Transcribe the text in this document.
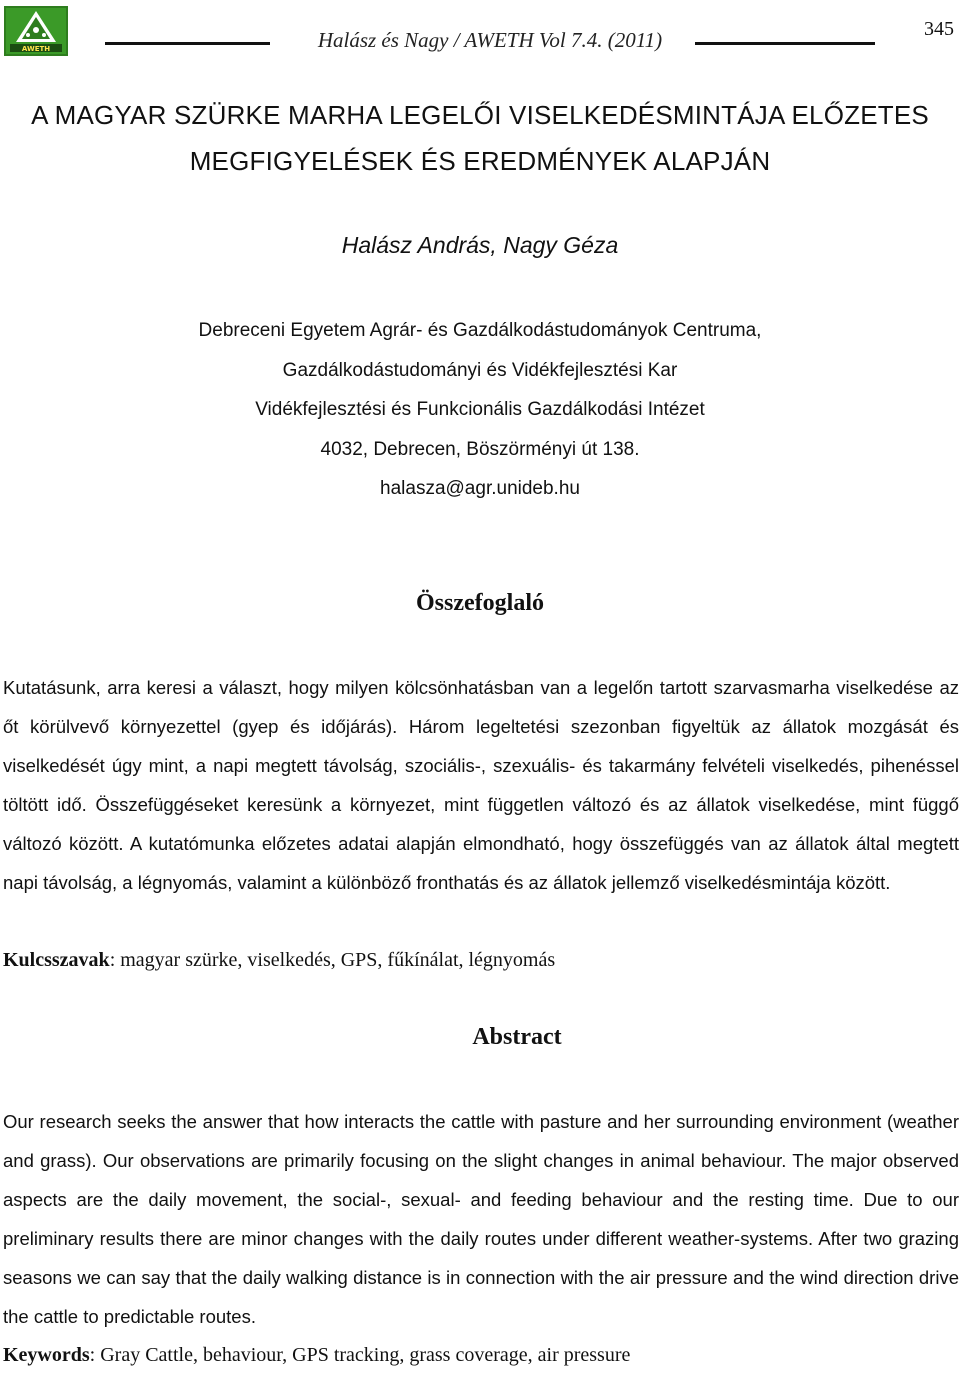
AWETH	Halász és Nagy / AWETH Vol 7.4. (2011)	345
A MAGYAR SZÜRKE MARHA LEGELŐI VISELKEDÉSMINTÁJA ELŐZETES
MEGFIGYELÉSEK ÉS EREDMÉNYEK ALAPJÁN
Halász András, Nagy Géza
Debreceni Egyetem Agrár- és Gazdálkodástudományok Centruma,
Gazdálkodástudományi és Vidékfejlesztési Kar
Vidékfejlesztési és Funkcionális Gazdálkodási Intézet
4032, Debrecen, Böszörményi út 138.
halasza@agr.unideb.hu
Összefoglaló

Kutatásunk, arra keresi a választ, hogy milyen kölcsönhatásban van a legelőn tartott szarvasmarha viselkedése az őt körülvevő környezettel (gyep és időjárás). Három legeltetési szezonban figyeltük az állatok mozgását és viselkedését úgy mint, a napi megtett távolság, szociális-, szexuális- és takarmány felvételi viselkedés, pihenéssel töltött idő. Összefüggéseket keresünk a környezet, mint független változó és az állatok viselkedése, mint függő változó között. A kutatómunka előzetes adatai alapján elmondható, hogy összefüggés van az állatok által megtett napi távolság, a légnyomás, valamint a különböző fronthatás és az állatok jellemző viselkedésmintája között.

Kulcsszavak: magyar szürke, viselkedés, GPS, fűkínálat, légnyomás

Abstract

Our research seeks the answer that how interacts the cattle with pasture and her surrounding environment (weather and grass). Our observations are primarily focusing on the slight changes in animal behaviour. The major observed aspects are the daily movement, the social-, sexual- and feeding behaviour and the resting time. Due to our preliminary results there are minor changes with the daily routes under different weather-systems. After two grazing seasons we can say that the daily walking distance is in connection with the air pressure and the wind direction drive the cattle to predictable routes.

Keywords: Gray Cattle, behaviour, GPS tracking, grass coverage, air pressure
